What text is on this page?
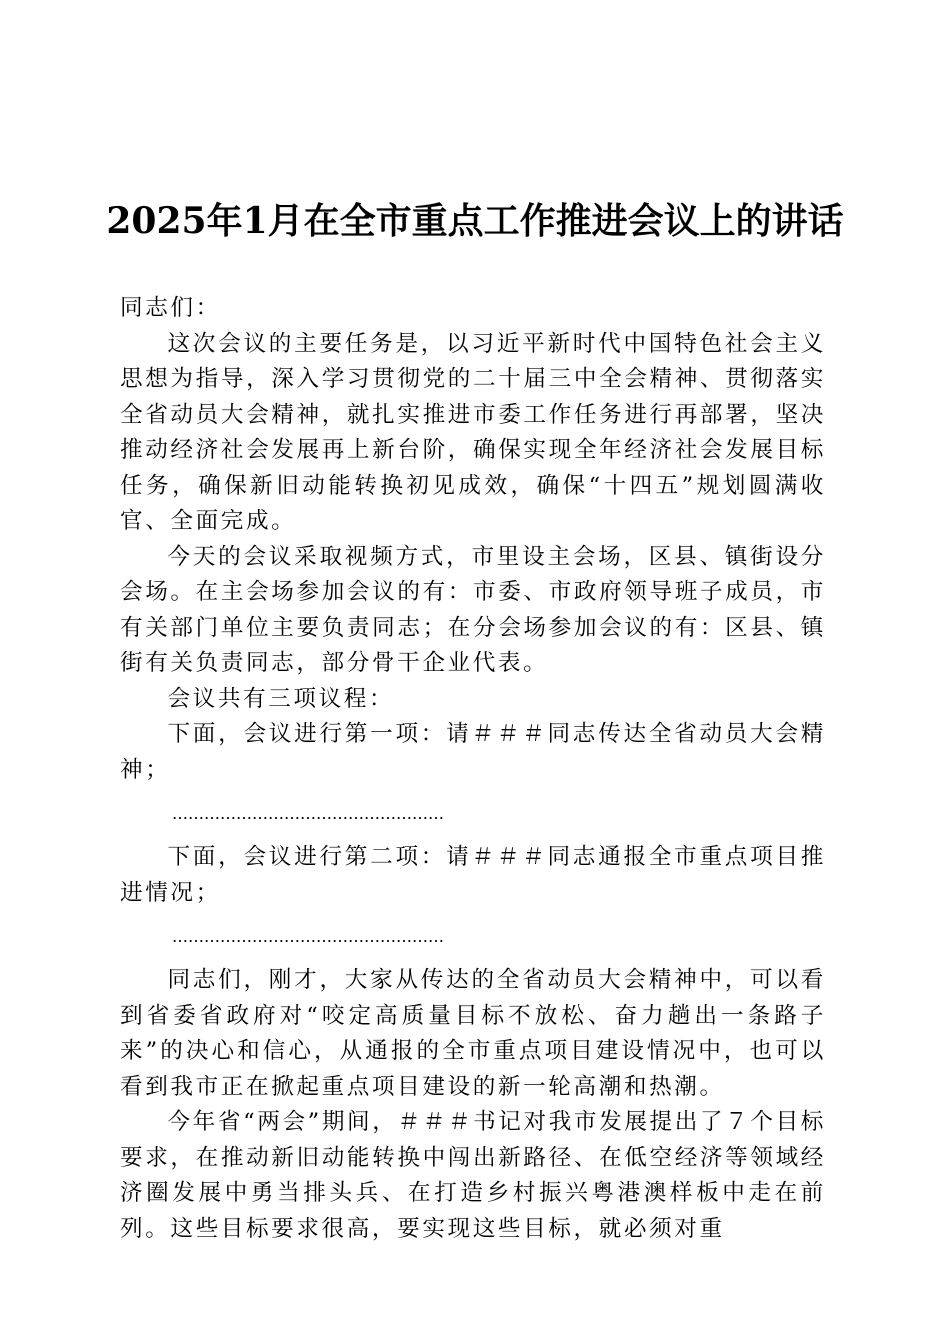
2025年1月在全市重点工作推进会议上的讲话

同志们：

这次会议的主要任务是，以习近平新时代中国特色社会主义思想为指导，深入学习贯彻党的二十届三中全会精神、贯彻落实全省动员大会精神，就扎实推进市委工作任务进行再部署，坚决推动经济社会发展再上新台阶，确保实现全年经济社会发展目标任务，确保新旧动能转换初见成效，确保“十四五”规划圆满收官、全面完成。

今天的会议采取视频方式，市里设主会场，区县、镇街设分会场。在主会场参加会议的有：市委、市政府领导班子成员，市有关部门单位主要负责同志；在分会场参加会议的有：区县、镇街有关负责同志，部分骨干企业代表。

会议共有三项议程：

下面，会议进行第一项：请＃＃＃同志传达全省动员大会精神；

……………………………………………

下面，会议进行第二项：请＃＃＃同志通报全市重点项目推进情况；

……………………………………………

同志们，刚才，大家从传达的全省动员大会精神中，可以看到省委省政府对“咬定高质量目标不放松、奋力趟出一条路子来”的决心和信心，从通报的全市重点项目建设情况中，也可以看到我市正在掀起重点项目建设的新一轮高潮和热潮。

今年省“两会”期间，＃＃＃书记对我市发展提出了７个目标要求，在推动新旧动能转换中闯出新路径、在低空经济等领域经济圈发展中勇当排头兵、在打造乡村振兴粤港澳样板中走在前列。这些目标要求很高，要实现这些目标，就必须对重
